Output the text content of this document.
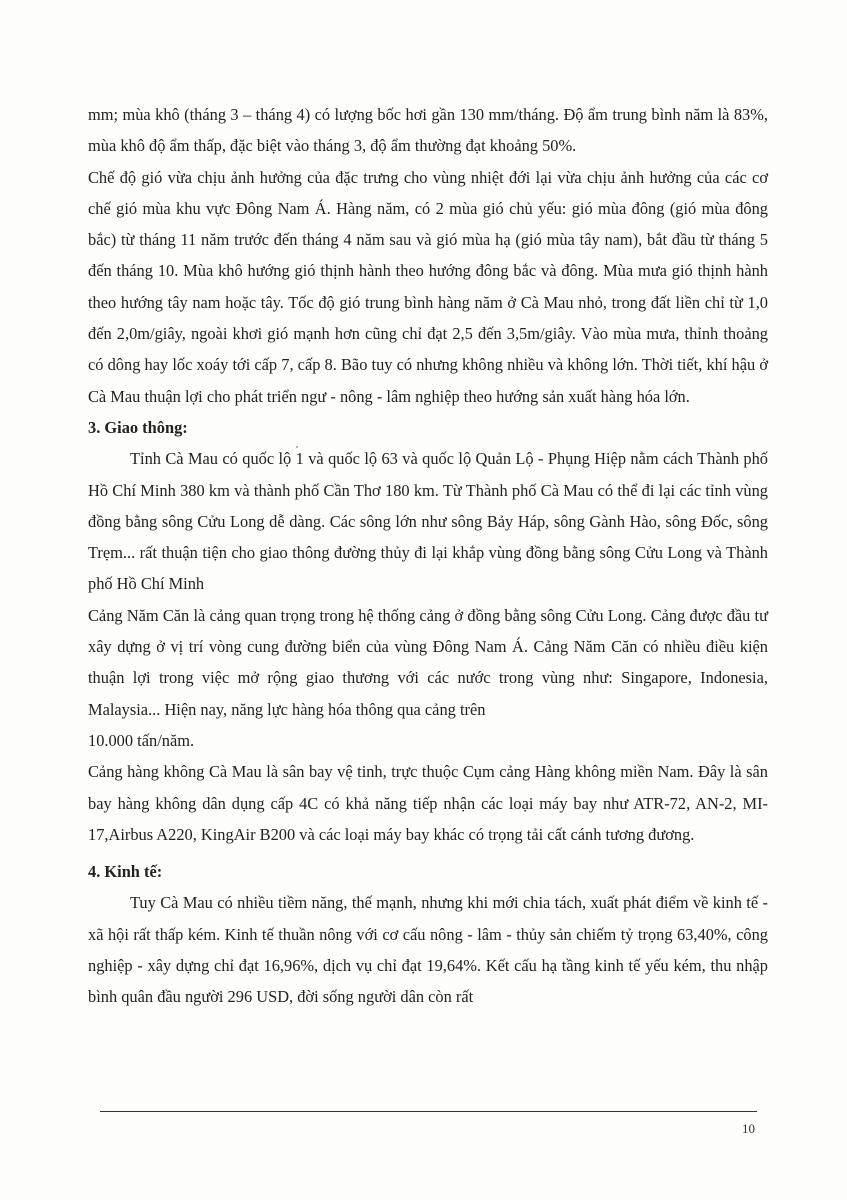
mm; mùa khô (tháng 3 – tháng 4) có lượng bốc hơi gần 130 mm/tháng. Độ ẩm trung bình năm là 83%, mùa khô độ ẩm thấp, đặc biệt vào tháng 3, độ ẩm thường đạt khoảng 50%.

Chế độ gió vừa chịu ảnh hưởng của đặc trưng cho vùng nhiệt đới lại vừa chịu ảnh hưởng của các cơ chế gió mùa khu vực Đông Nam Á. Hàng năm, có 2 mùa gió chủ yếu: gió mùa đông (gió mùa đông bắc) từ tháng 11 năm trước đến tháng 4 năm sau và gió mùa hạ (gió mùa tây nam), bắt đầu từ tháng 5 đến tháng 10. Mùa khô hướng gió thịnh hành theo hướng đông bắc và đông. Mùa mưa gió thịnh hành theo hướng tây nam hoặc tây. Tốc độ gió trung bình hàng năm ở Cà Mau nhỏ, trong đất liền chỉ từ 1,0 đến 2,0m/giây, ngoài khơi gió mạnh hơn cũng chỉ đạt 2,5 đến 3,5m/giây. Vào mùa mưa, thỉnh thoảng có dông hay lốc xoáy tới cấp 7, cấp 8. Bão tuy có nhưng không nhiều và không lớn. Thời tiết, khí hậu ở Cà Mau thuận lợi cho phát triển ngư - nông - lâm nghiệp theo hướng sản xuất hàng hóa lớn.

3. Giao thông:

Tỉnh Cà Mau có quốc lộ 1 và quốc lộ 63 và quốc lộ Quản Lộ - Phụng Hiệp nằm cách Thành phố Hồ Chí Minh 380 km và thành phố Cần Thơ 180 km. Từ Thành phố Cà Mau có thể đi lại các tỉnh vùng đồng bằng sông Cửu Long dễ dàng. Các sông lớn như sông Bảy Háp, sông Gành Hào, sông Đốc, sông Trẹm... rất thuận tiện cho giao thông đường thủy đi lại khắp vùng đồng bằng sông Cửu Long và Thành phố Hồ Chí Minh

Cảng Năm Căn là cảng quan trọng trong hệ thống cảng ở đồng bằng sông Cửu Long. Cảng được đầu tư xây dựng ở vị trí vòng cung đường biển của vùng Đông Nam Á. Cảng Năm Căn có nhiều điều kiện thuận lợi trong việc mở rộng giao thương với các nước trong vùng như: Singapore, Indonesia, Malaysia... Hiện nay, năng lực hàng hóa thông qua cảng trên

10.000 tấn/năm.

Cảng hàng không Cà Mau là sân bay vệ tinh, trực thuộc Cụm cảng Hàng không miền Nam. Đây là sân bay hàng không dân dụng cấp 4C có khả năng tiếp nhận các loại máy bay như ATR-72, AN-2, MI-17,Airbus A220, KingAir B200 và các loại máy bay khác có trọng tải cất cánh tương đương.

4. Kinh tế:

Tuy Cà Mau có nhiều tiềm năng, thế mạnh, nhưng khi mới chia tách, xuất phát điểm về kinh tế - xã hội rất thấp kém. Kinh tế thuần nông với cơ cấu nông - lâm - thủy sản chiếm tỷ trọng 63,40%, công nghiệp - xây dựng chỉ đạt 16,96%, dịch vụ chỉ đạt 19,64%. Kết cấu hạ tầng kinh tế yếu kém, thu nhập bình quân đầu người 296 USD, đời sống người dân còn rất

10
